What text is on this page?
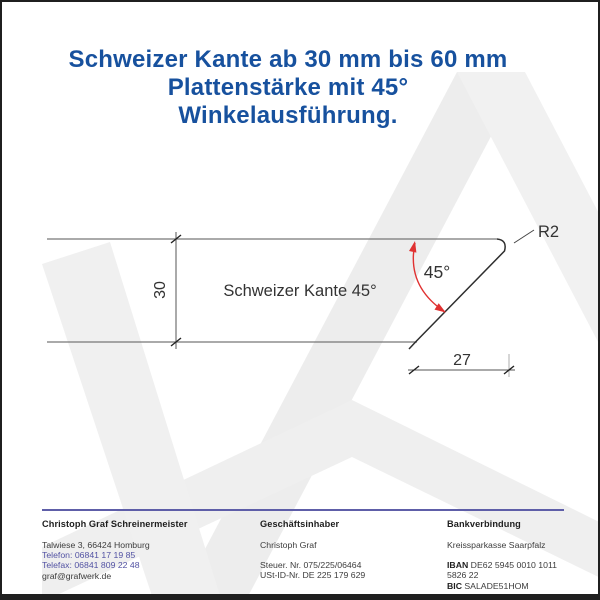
Schweizer Kante ab 30 mm bis 60 mm
Plattenstärke mit 45°
Winkelausführung.
30	Schweizer Kante 45°
45°
R2
27
Christoph Graf Schreinermeister
Talwiese 3, 66424 Homburg
Telefon: 06841 17 19 85
Telefax: 06841 809 22 48
graf@grafwerk.de
Geschäftsinhaber
Christoph Graf
Steuer. Nr. 075/225/06464
USt-ID-Nr. DE 225 179 629
Bankverbindung
Kreissparkasse Saarpfalz
IBAN DE62 5945 0010 1011 5826 22
BIC SALADE51HOM
